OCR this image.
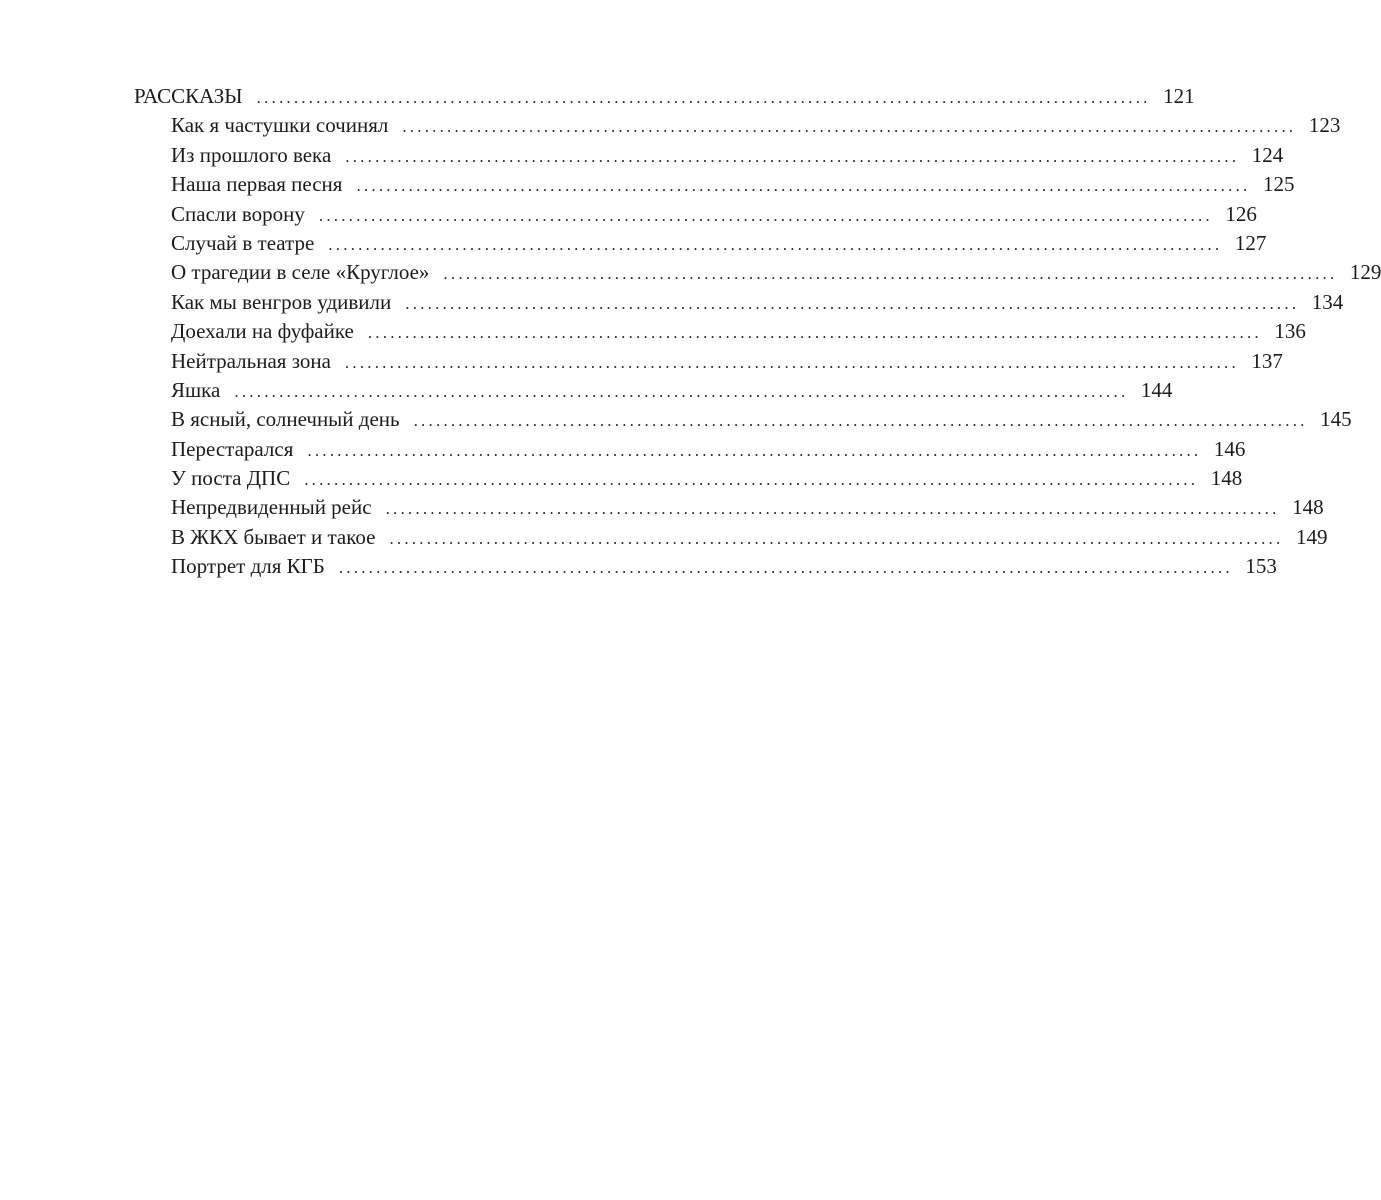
РАССКАЗЫ ........................................................................................................................ 121
Как я частушки сочинял ........................................................................................................................ 123
Из прошлого века ........................................................................................................................ 124
Наша первая песня ........................................................................................................................ 125
Спасли ворону ........................................................................................................................ 126
Случай в театре ........................................................................................................................ 127
О трагедии в селе «Круглое» ........................................................................................................................ 129
Как мы венгров удивили ........................................................................................................................ 134
Доехали на фуфайке ........................................................................................................................ 136
Нейтральная зона ........................................................................................................................ 137
Яшка ........................................................................................................................ 144
В ясный, солнечный день ........................................................................................................................ 145
Перестарался ........................................................................................................................ 146
У поста ДПС ........................................................................................................................ 148
Непредвиденный рейс ........................................................................................................................ 148
В ЖКХ бывает и такое ........................................................................................................................ 149
Портрет для КГБ ........................................................................................................................ 153
